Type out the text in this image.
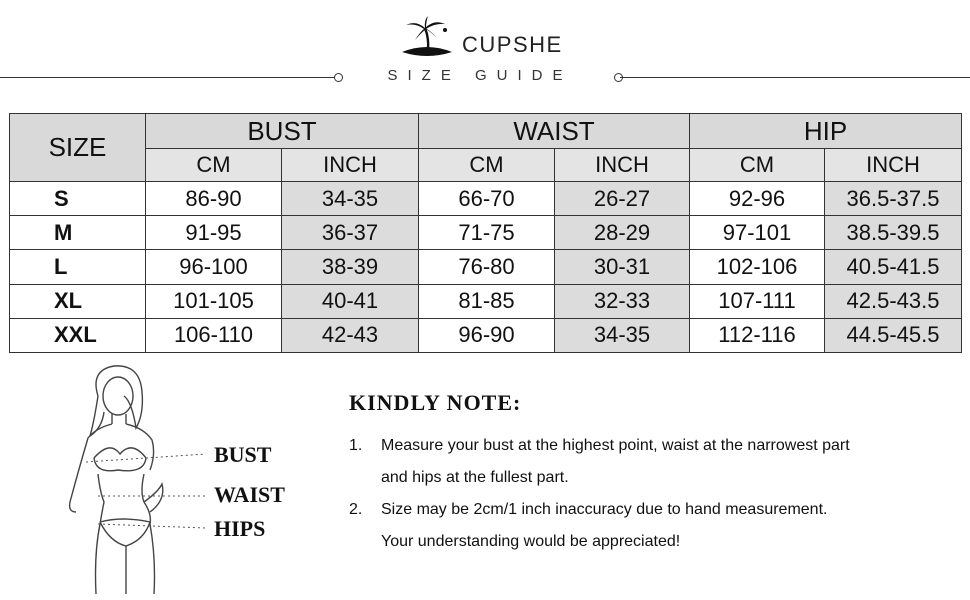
CUPSHE
SIZE GUIDE
SIZE	BUST		WAIST		HIP	
	CM	INCH	CM	INCH	CM	INCH
S	86-90	34-35	66-70	26-27	92-96	36.5-37.5
M	91-95	36-37	71-75	28-29	97-101	38.5-39.5
L	96-100	38-39	76-80	30-31	102-106	40.5-41.5
XL	101-105	40-41	81-85	32-33	107-111	42.5-43.5
XXL	106-110	42-43	96-90	34-35	112-116	44.5-45.5
BUST
WAIST
HIPS
KINDLY NOTE:
1. Measure your bust at the highest point, waist at the narrowest part
and hips at the fullest part.
2. Size may be 2cm/1 inch inaccuracy due to hand measurement.
Your understanding would be appreciated!
